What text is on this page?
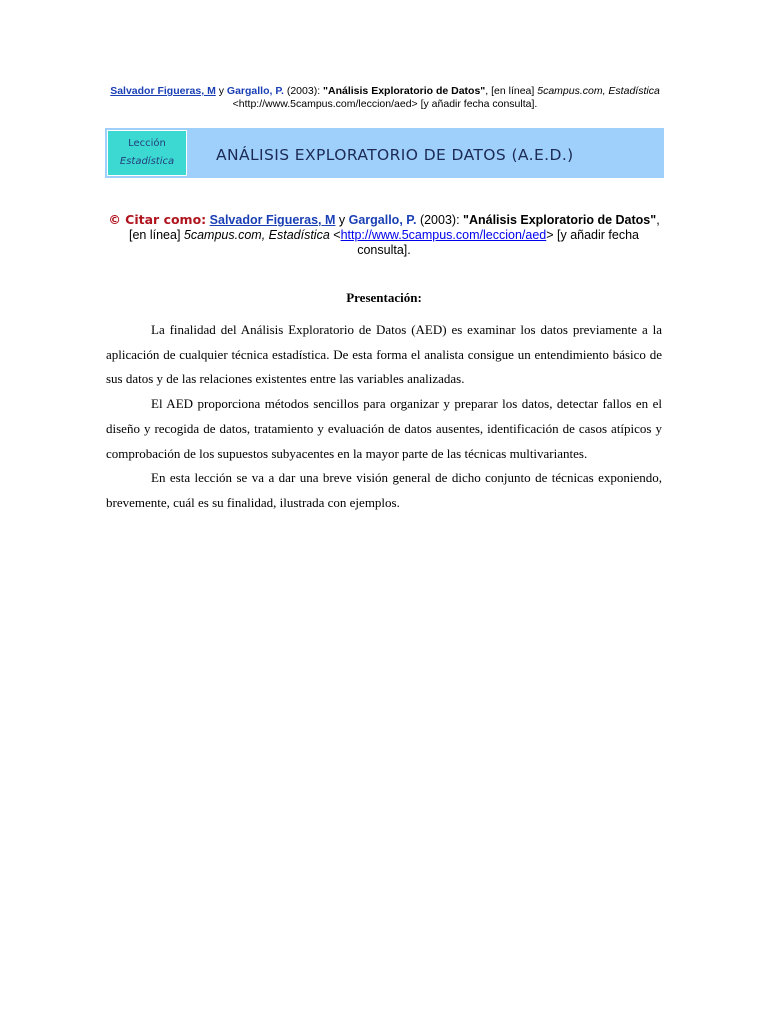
Salvador Figueras, M y Gargallo, P. (2003): "Análisis Exploratorio de Datos", [en línea] 5campus.com, Estadística <http://www.5campus.com/leccion/aed> [y añadir fecha consulta].
Lección
Estadística	ANÁLISIS EXPLORATORIO DE DATOS (A.E.D.)
© Citar como: Salvador Figueras, M y Gargallo, P. (2003): "Análisis Exploratorio de Datos", [en línea] 5campus.com, Estadística <http://www.5campus.com/leccion/aed> [y añadir fecha consulta].
Presentación:

La finalidad del Análisis Exploratorio de Datos (AED) es examinar los datos previamente a la aplicación de cualquier técnica estadística. De esta forma el analista consigue un entendimiento básico de sus datos y de las relaciones existentes entre las variables analizadas.

El AED proporciona métodos sencillos para organizar y preparar los datos, detectar fallos en el diseño y recogida de datos, tratamiento y evaluación de datos ausentes, identificación de casos atípicos y comprobación de los supuestos subyacentes en la mayor parte de las técnicas multivariantes.

En esta lección se va a dar una breve visión general de dicho conjunto de técnicas exponiendo, brevemente, cuál es su finalidad, ilustrada con ejemplos.
